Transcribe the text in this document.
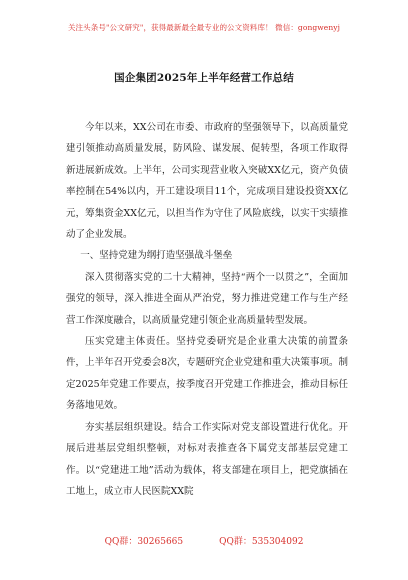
关注头条号"公文研究"，获得最新最全最专业的公文资料库！ 微信：gongwenyj
国企集团2025年上半年经营工作总结

今年以来，XX公司在市委、市政府的坚强领导下，以高质量党建引领推动高质量发展，防风险、谋发展、促转型，各项工作取得新进展新成效。上半年，公司实现营业收入突破XX亿元，资产负债率控制在54%以内，开工建设项目11个，完成项目建设投资XX亿元，筹集资金XX亿元，以担当作为守住了风险底线，以实干实绩推动了企业发展。

一、坚持党建为纲打造坚强战斗堡垒

深入贯彻落实党的二十大精神，坚持“两个一以贯之”，全面加强党的领导，深入推进全面从严治党，努力推进党建工作与生产经营工作深度融合，以高质量党建引领企业高质量转型发展。

压实党建主体责任。坚持党委研究是企业重大决策的前置条件，上半年召开党委会8次，专题研究企业党建和重大决策事项。制定2025年党建工作要点，按季度召开党建工作推进会，推动目标任务落地见效。

夯实基层组织建设。结合工作实际对党支部设置进行优化。开展后进基层党组织整顿，对标对表推查各下属党支部基层党建工作。以“党建进工地”活动为载体，将支部建在项目上，把党旗插在工地上，成立市人民医院XX院

QQ群：30265665	QQ群：535304092
